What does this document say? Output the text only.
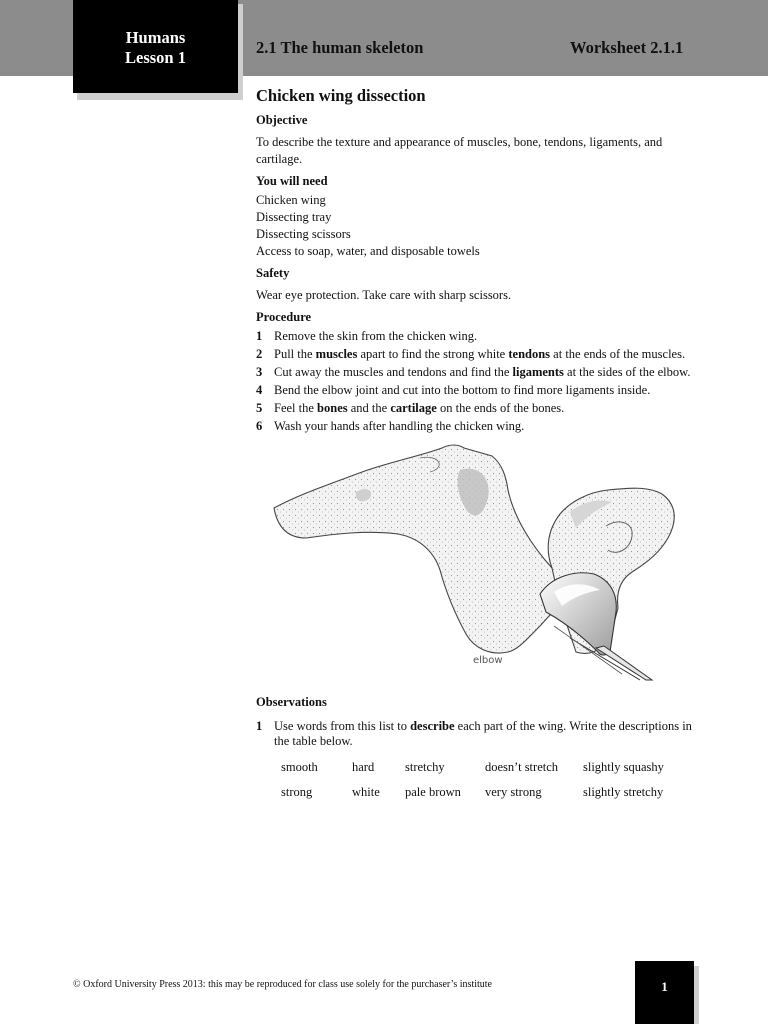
Humans
Lesson 1
2.1 The human skeleton	Worksheet 2.1.1
Chicken wing dissection
Objective

To describe the texture and appearance of muscles, bone, tendons, ligaments, and cartilage.

You will need

Chicken wing

Dissecting tray

Dissecting scissors

Access to soap, water, and disposable towels

Safety

Wear eye protection. Take care with sharp scissors.

Procedure
1 Remove the skin from the chicken wing.
2 Pull the muscles apart to find the strong white tendons at the ends of the muscles.
3 Cut away the muscles and tendons and find the ligaments at the sides of the elbow.
4 Bend the elbow joint and cut into the bottom to find more ligaments inside.
5 Feel the bones and the cartilage on the ends of the bones.
6 Wash your hands after handling the chicken wing.
elbow
Observations
1 Use words from this list to describe each part of the wing. Write the descriptions in the table below.
smooth	hard	stretchy	doesn’t stretch	slightly squashy
strong	white	pale brown	very strong	slightly stretchy
© Oxford University Press 2013: this may be reproduced for class use solely for the purchaser’s institute	1
